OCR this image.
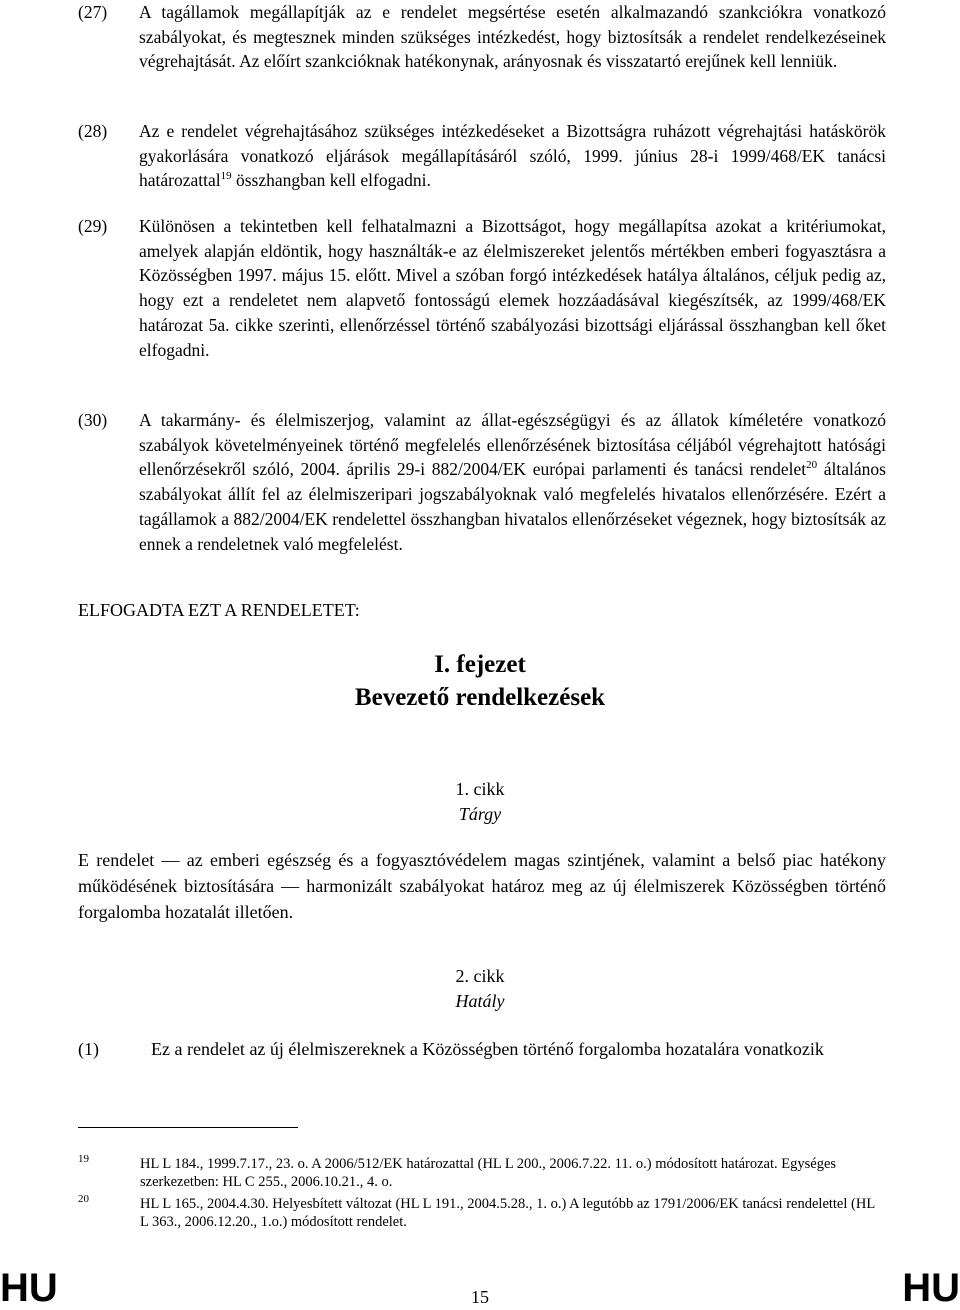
(27) A tagállamok megállapítják az e rendelet megsértése esetén alkalmazandó szankciókra vonatkozó szabályokat, és megtesznek minden szükséges intézkedést, hogy biztosítsák a rendelet rendelkezéseinek végrehajtását. Az előírt szankcióknak hatékonynak, arányosnak és visszatartó erejűnek kell lenniük.
(28) Az e rendelet végrehajtásához szükséges intézkedéseket a Bizottságra ruházott végrehajtási hatáskörök gyakorlására vonatkozó eljárások megállapításáról szóló, 1999. június 28-i 1999/468/EK tanácsi határozattal$^{19}$ összhangban kell elfogadni.
(29) Különösen a tekintetben kell felhatalmazni a Bizottságot, hogy megállapítsa azokat a kritériumokat, amelyek alapján eldöntik, hogy használták-e az élelmiszereket jelentős mértékben emberi fogyasztásra a Közösségben 1997. május 15. előtt. Mivel a szóban forgó intézkedések hatálya általános, céljuk pedig az, hogy ezt a rendeletet nem alapvető fontosságú elemek hozzáadásával kiegészítsék, az 1999/468/EK határozat 5a. cikke szerinti, ellenőrzéssel történő szabályozási bizottsági eljárással összhangban kell őket elfogadni.
(30) A takarmány- és élelmiszerjog, valamint az állat-egészségügyi és az állatok kíméletére vonatkozó szabályok követelményeinek történő megfelelés ellenőrzésének biztosítása céljából végrehajtott hatósági ellenőrzésekről szóló, 2004. április 29-i 882/2004/EK európai parlamenti és tanácsi rendelet$^{20}$ általános szabályokat állít fel az élelmiszeripari jogszabályoknak való megfelelés hivatalos ellenőrzésére. Ezért a tagállamok a 882/2004/EK rendelettel összhangban hivatalos ellenőrzéseket végeznek, hogy biztosítsák az ennek a rendeletnek való megfelelést.
ELFOGADTA EZT A RENDELETET:
I. fejezet
Bevezető rendelkezések
1. cikk
Tárgy
E rendelet — az emberi egészség és a fogyasztóvédelem magas szintjének, valamint a belső piac hatékony működésének biztosítására — harmonizált szabályokat határoz meg az új élelmiszerek Közösségben történő forgalomba hozatalát illetően.
2. cikk
Hatály
(1)	Ez a rendelet az új élelmiszereknek a Közösségben történő forgalomba hozatalára vonatkozik
19	HL L 184., 1999.7.17., 23. o. A 2006/512/EK határozattal (HL L 200., 2006.7.22. 11. o.) módosított határozat. Egységes szerkezetben: HL C 255., 2006.10.21., 4. o.
20	HL L 165., 2004.4.30. Helyesbített változat (HL L 191., 2004.5.28., 1. o.) A legutóbb az 1791/2006/EK tanácsi rendelettel (HL L 363., 2006.12.20., 1.o.) módosított rendelet.
HU	15	HU
